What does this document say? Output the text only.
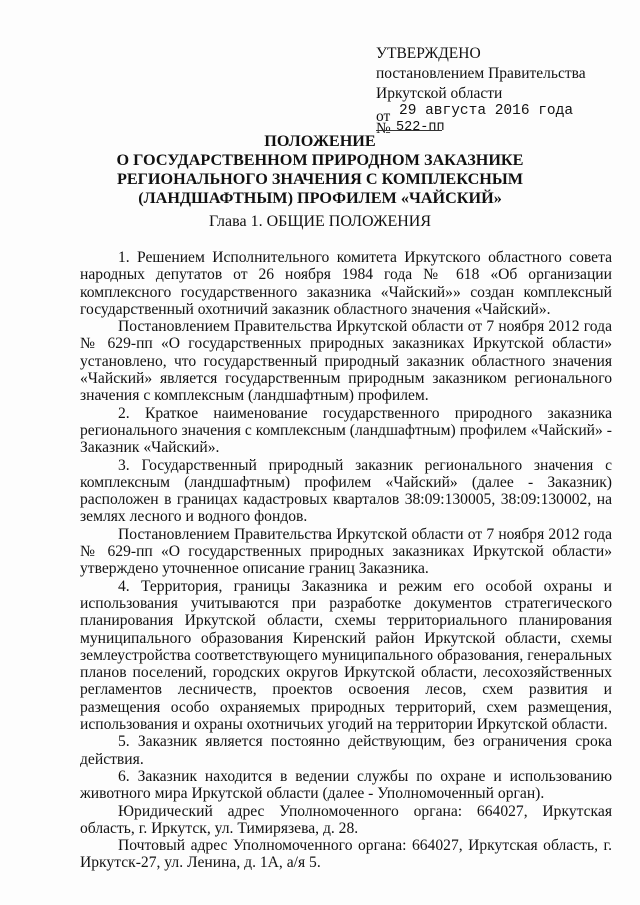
УТВЕРЖДЕНО
постановлением Правительства
Иркутской области
от 29 августа 2016 года
№ 522-пп
ПОЛОЖЕНИЕ
О ГОСУДАРСТВЕННОМ ПРИРОДНОМ ЗАКАЗНИКЕ
РЕГИОНАЛЬНОГО ЗНАЧЕНИЯ С КОМПЛЕКСНЫМ
(ЛАНДШАФТНЫМ) ПРОФИЛЕМ «ЧАЙСКИЙ»
Глава 1. ОБЩИЕ ПОЛОЖЕНИЯ

1. Решением Исполнительного комитета Иркутского областного совета народных депутатов от 26 ноября 1984 года № 618 «Об организации комплексного государственного заказника «Чайский»» создан комплексный государственный охотничий заказник областного значения «Чайский».

Постановлением Правительства Иркутской области от 7 ноября 2012 года № 629-пп «О государственных природных заказниках Иркутской области» установлено, что государственный природный заказник областного значения «Чайский» является государственным природным заказником регионального значения с комплексным (ландшафтным) профилем.

2. Краткое наименование государственного природного заказника регионального значения с комплексным (ландшафтным) профилем «Чайский» - Заказник «Чайский».

3. Государственный природный заказник регионального значения с комплексным (ландшафтным) профилем «Чайский» (далее - Заказник) расположен в границах кадастровых кварталов 38:09:130005, 38:09:130002, на землях лесного и водного фондов.

Постановлением Правительства Иркутской области от 7 ноября 2012 года № 629-пп «О государственных природных заказниках Иркутской области» утверждено уточненное описание границ Заказника.

4. Территория, границы Заказника и режим его особой охраны и использования учитываются при разработке документов стратегического планирования Иркутской области, схемы территориального планирования муниципального образования Киренский район Иркутской области, схемы землеустройства соответствующего муниципального образования, генеральных планов поселений, городских округов Иркутской области, лесохозяйственных регламентов лесничеств, проектов освоения лесов, схем развития и размещения особо охраняемых природных территорий, схем размещения, использования и охраны охотничьих угодий на территории Иркутской области.

5. Заказник является постоянно действующим, без ограничения срока действия.

6. Заказник находится в ведении службы по охране и использованию животного мира Иркутской области (далее - Уполномоченный орган).

Юридический адрес Уполномоченного органа: 664027, Иркутская область, г. Иркутск, ул. Тимирязева, д. 28.

Почтовый адрес Уполномоченного органа: 664027, Иркутская область, г. Иркутск-27, ул. Ленина, д. 1А, а/я 5.
